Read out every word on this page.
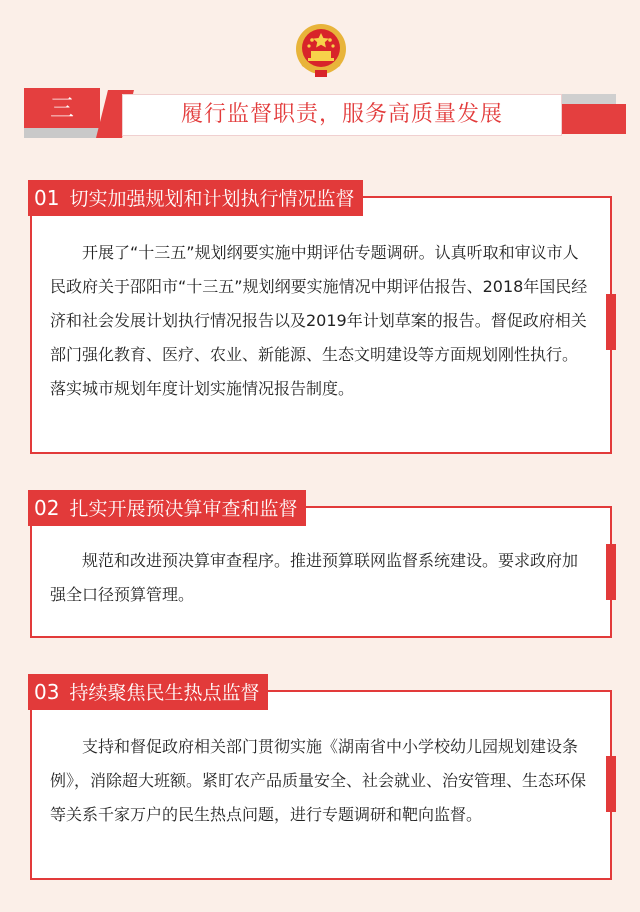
三	履行监督职责，服务高质量发展

开展了“十三五”规划纲要实施中期评估专题调研。认真听取和审议市人民政府关于邵阳市“十三五”规划纲要实施情况中期评估报告、2018年国民经济和社会发展计划执行情况报告以及2019年计划草案的报告。督促政府相关部门强化教育、医疗、农业、新能源、生态文明建设等方面规划刚性执行。落实城市规划年度计划实施情况报告制度。

01 切实加强规划和计划执行情况监督

规范和改进预决算审查程序。推进预算联网监督系统建设。要求政府加强全口径预算管理。

02 扎实开展预决算审查和监督

支持和督促政府相关部门贯彻实施《湖南省中小学校幼儿园规划建设条例》，消除超大班额。紧盯农产品质量安全、社会就业、治安管理、生态环保等关系千家万户的民生热点问题，进行专题调研和靶向监督。

03 持续聚焦民生热点监督
